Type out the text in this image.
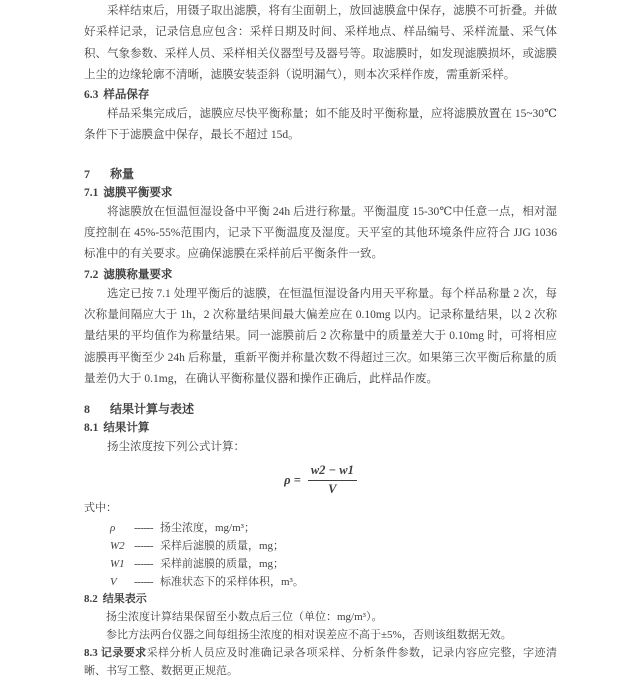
采样结束后，用镊子取出滤膜，将有尘面朝上，放回滤膜盒中保存，滤膜不可折叠。并做好采样记录，记录信息应包含：采样日期及时间、采样地点、样品编号、采样流量、采气体积、气象参数、采样人员、采样相关仪器型号及器号等。取滤膜时，如发现滤膜损坏，或滤膜上尘的边缘轮廓不清晰，滤膜安装歪斜（说明漏气），则本次采样作废，需重新采样。

6.3 样品保存

样品采集完成后，滤膜应尽快平衡称量；如不能及时平衡称量，应将滤膜放置在 15~30℃条件下于滤膜盒中保存，最长不超过 15d。

7 称量

7.1 滤膜平衡要求

将滤膜放在恒温恒湿设备中平衡 24h 后进行称量。平衡温度 15-30℃中任意一点，相对湿度控制在 45%-55%范围内，记录下平衡温度及湿度。天平室的其他环境条件应符合 JJG 1036 标准中的有关要求。应确保滤膜在采样前后平衡条件一致。

7.2 滤膜称量要求

选定已按 7.1 处理平衡后的滤膜，在恒温恒湿设备内用天平称量。每个样品称量 2 次，每次称量间隔应大于 1h，2 次称量结果间最大偏差应在 0.10mg 以内。记录称量结果，以 2 次称量结果的平均值作为称量结果。同一滤膜前后 2 次称量中的质量差大于 0.10mg 时，可将相应滤膜再平衡至少 24h 后称量，重新平衡并称量次数不得超过三次。如果第三次平衡后称量的质量差仍大于 0.1mg，在确认平衡称量仪器和操作正确后，此样品作废。

8 结果计算与表述

8.1 结果计算

扬尘浓度按下列公式计算：

$\rho = \frac{w2 - w1}{V}$

式中：

ρ	------ 扬尘浓度，mg/m³；
W2 ------ 采样后滤膜的质量，mg；
W1 ------ 采样前滤膜的质量，mg；
V	------ 标准状态下的采样体积，m³。

8.2 结果表示

扬尘浓度计算结果保留至小数点后三位（单位：mg/m³）。

参比方法两台仪器之间每组扬尘浓度的相对误差应不高于±5%，否则该组数据无效。

8.3 记录要求采样分析人员应及时准确记录各项采样、分析条件参数，记录内容应完整，字迹清晰、书写工整、数据更正规范。
